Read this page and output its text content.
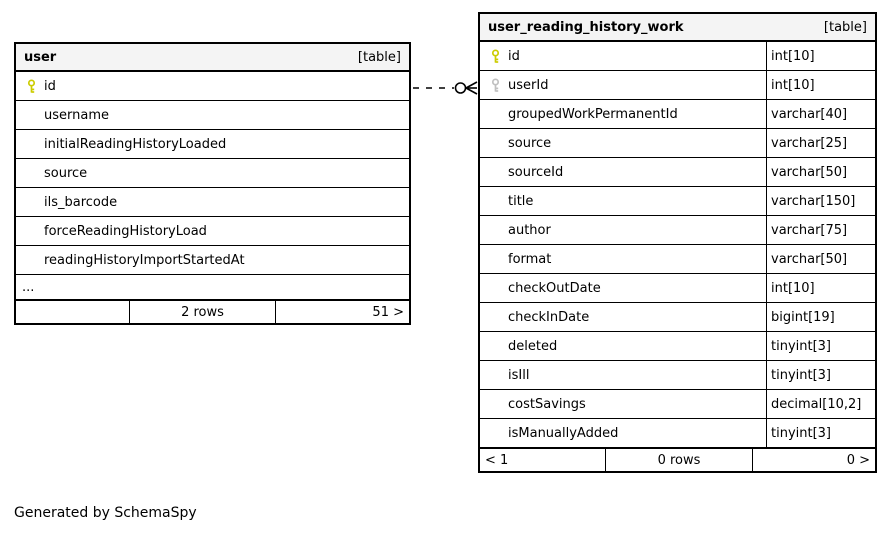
user	[table]
id
username
initialReadingHistoryLoaded
source
ils_barcode
forceReadingHistoryLoad
readingHistoryImportStartedAt
...
2 rows	51 >
user_reading_history_work	[table]
id	int[10]
userId	int[10]
groupedWorkPermanentId	varchar[40]
source	varchar[25]
sourceId	varchar[50]
title	varchar[150]
author	varchar[75]
format	varchar[50]
checkOutDate	int[10]
checkInDate	bigint[19]
deleted	tinyint[3]
isIll	tinyint[3]
costSavings	decimal[10,2]
isManuallyAdded	tinyint[3]
< 1	0 rows	0 >
Generated by SchemaSpy
